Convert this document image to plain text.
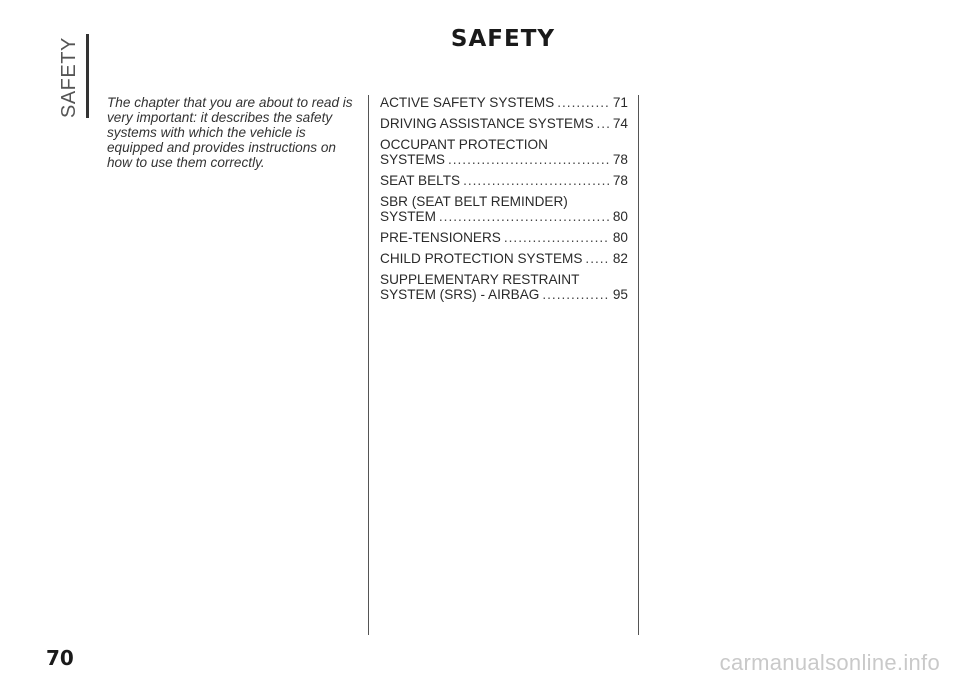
SAFETY	SAFETY
The chapter that you are about to read is very important: it describes the safety systems with which the vehicle is equipped and provides instructions on how to use them correctly.
ACTIVE SAFETY SYSTEMS .....	71
DRIVING ASSISTANCE SYSTEMS ..... 74
OCCUPANT PROTECTION
SYSTEMS .....	78
SEAT BELTS .....	78
SBR (SEAT BELT REMINDER)
SYSTEM .....	80
PRE-TENSIONERS .....	80
CHILD PROTECTION SYSTEMS ..... 82
SUPPLEMENTARY RESTRAINT
SYSTEM (SRS) - AIRBAG .....	95
70	carmanualsonline.info
